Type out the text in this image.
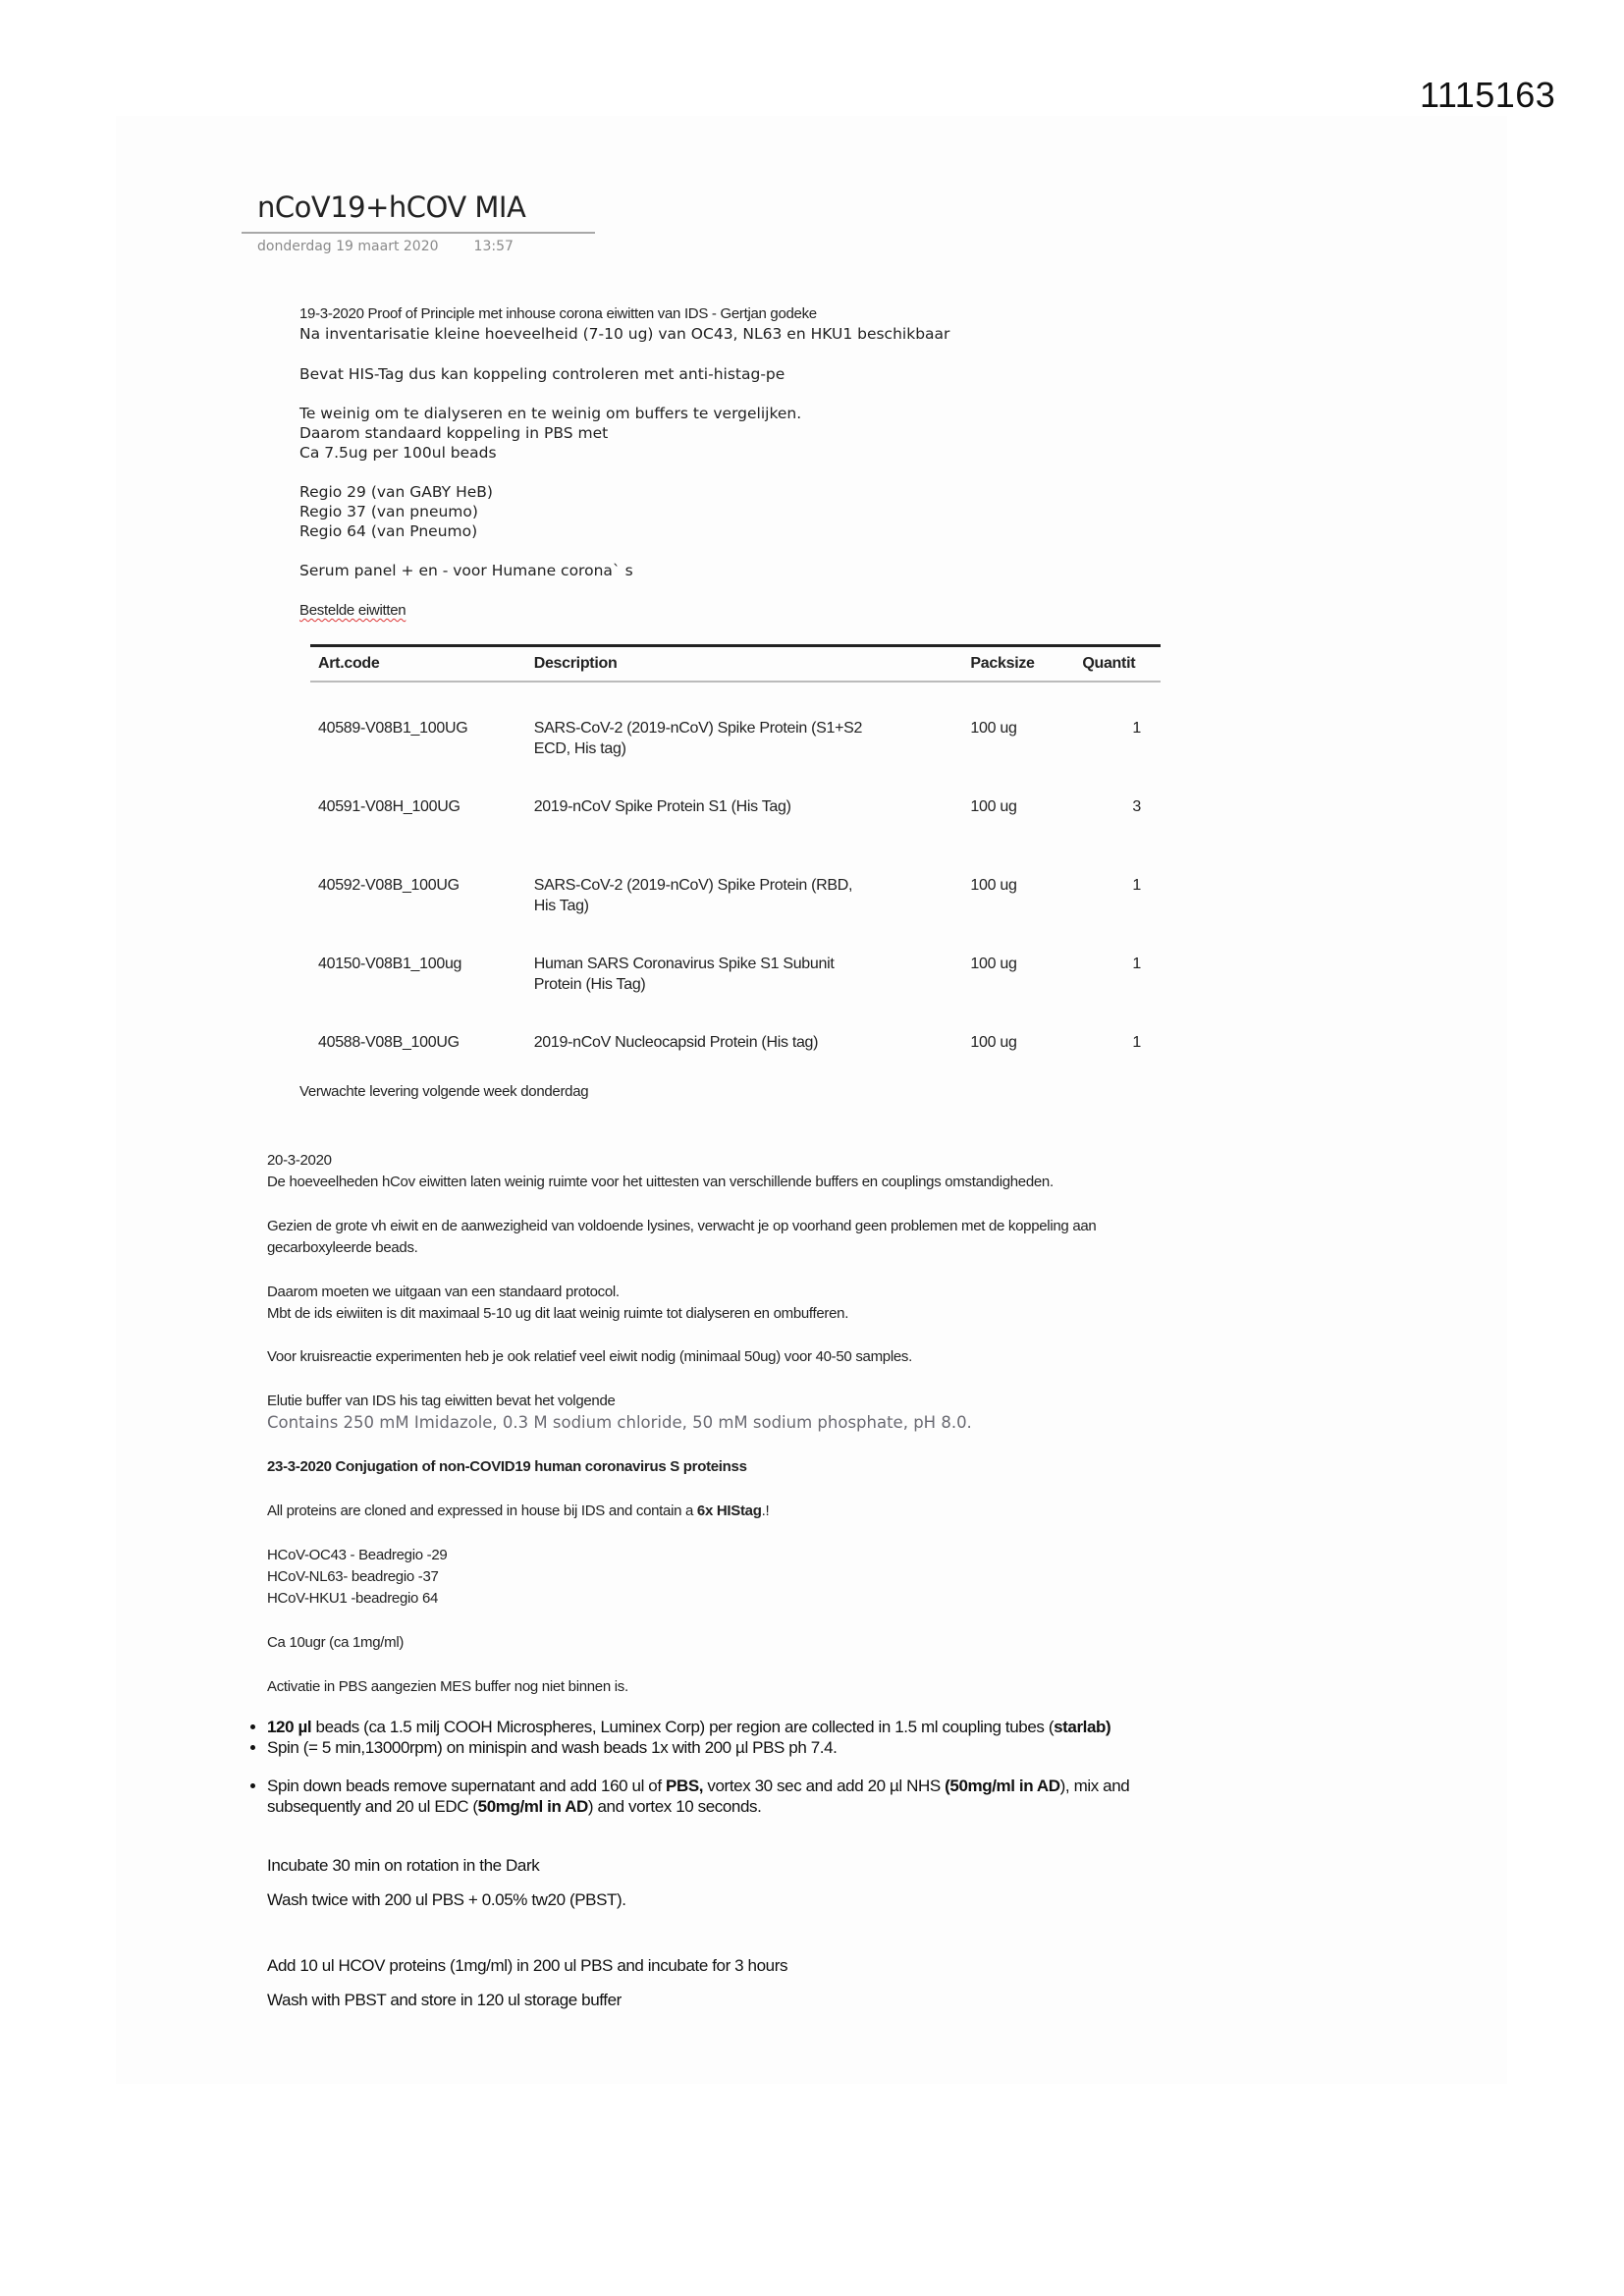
1115163
nCoV19+hCOV MIA
donderdag 19 maart 2020	13:57
19-3-2020 Proof of Principle met inhouse corona eiwitten van IDS - Gertjan godeke
Na inventarisatie kleine hoeveelheid (7-10 ug) van OC43, NL63 en HKU1 beschikbaar
Bevat HIS-Tag dus kan koppeling controleren met anti-histag-pe
Te weinig om te dialyseren en te weinig om buffers te vergelijken.
Daarom standaard koppeling in PBS met
Ca 7.5ug per 100ul beads
Regio 29 (van GABY HeB)
Regio 37 (van pneumo)
Regio 64 (van Pneumo)
Serum panel + en - voor Humane corona` s
Bestelde eiwitten
Art.code	Description	Packsize	Quantit

40589-V08B1_100UG	SARS-CoV-2 (2019-nCoV) Spike Protein (S1+S2
ECD, His tag)	100 ug	1
40591-V08H_100UG	2019-nCoV Spike Protein S1 (His Tag)	100 ug	3
40592-V08B_100UG	SARS-CoV-2 (2019-nCoV) Spike Protein (RBD,
His Tag)	100 ug	1
40150-V08B1_100ug	Human SARS Coronavirus Spike S1 Subunit
Protein (His Tag)	100 ug	1
40588-V08B_100UG	2019-nCoV Nucleocapsid Protein (His tag)	100 ug	1
Verwachte levering volgende week donderdag
20-3-2020
De hoeveelheden hCov eiwitten laten weinig ruimte voor het uittesten van verschillende buffers en couplings omstandigheden.
Gezien de grote vh eiwit en de aanwezigheid van voldoende lysines, verwacht je op voorhand geen problemen met de koppeling aan
gecarboxyleerde beads.
Daarom moeten we uitgaan van een standaard protocol.
Mbt de ids eiwiiten is dit maximaal 5-10 ug dit laat weinig ruimte tot dialyseren en ombufferen.
Voor kruisreactie experimenten heb je ook relatief veel eiwit nodig (minimaal 50ug) voor 40-50 samples.
Elutie buffer van IDS his tag eiwitten bevat het volgende
Contains 250 mM Imidazole, 0.3 M sodium chloride, 50 mM sodium phosphate, pH 8.0.
23-3-2020 Conjugation of non-COVID19 human coronavirus S proteinss
All proteins are cloned and expressed in house bij IDS and contain a 6x HIStag.!
HCoV-OC43 - Beadregio -29
HCoV-NL63- beadregio -37
HCoV-HKU1 -beadregio 64
Ca 10ugr (ca 1mg/ml)
Activatie in PBS aangezien MES buffer nog niet binnen is.
• 120 µl beads (ca 1.5 milj COOH Microspheres, Luminex Corp) per region are collected in 1.5 ml coupling tubes (starlab)
• Spin (= 5 min,13000rpm) on minispin and wash beads 1x with 200 µl PBS ph 7.4.
• Spin down beads remove supernatant and add 160 ul of PBS, vortex 30 sec and add 20 µl NHS (50mg/ml in AD), mix and
subsequently and 20 ul EDC (50mg/ml in AD) and vortex 10 seconds.
Incubate 30 min on rotation in the Dark
Wash twice with 200 ul PBS + 0.05% tw20 (PBST).
Add 10 ul HCOV proteins (1mg/ml) in 200 ul PBS and incubate for 3 hours
Wash with PBST and store in 120 ul storage buffer
